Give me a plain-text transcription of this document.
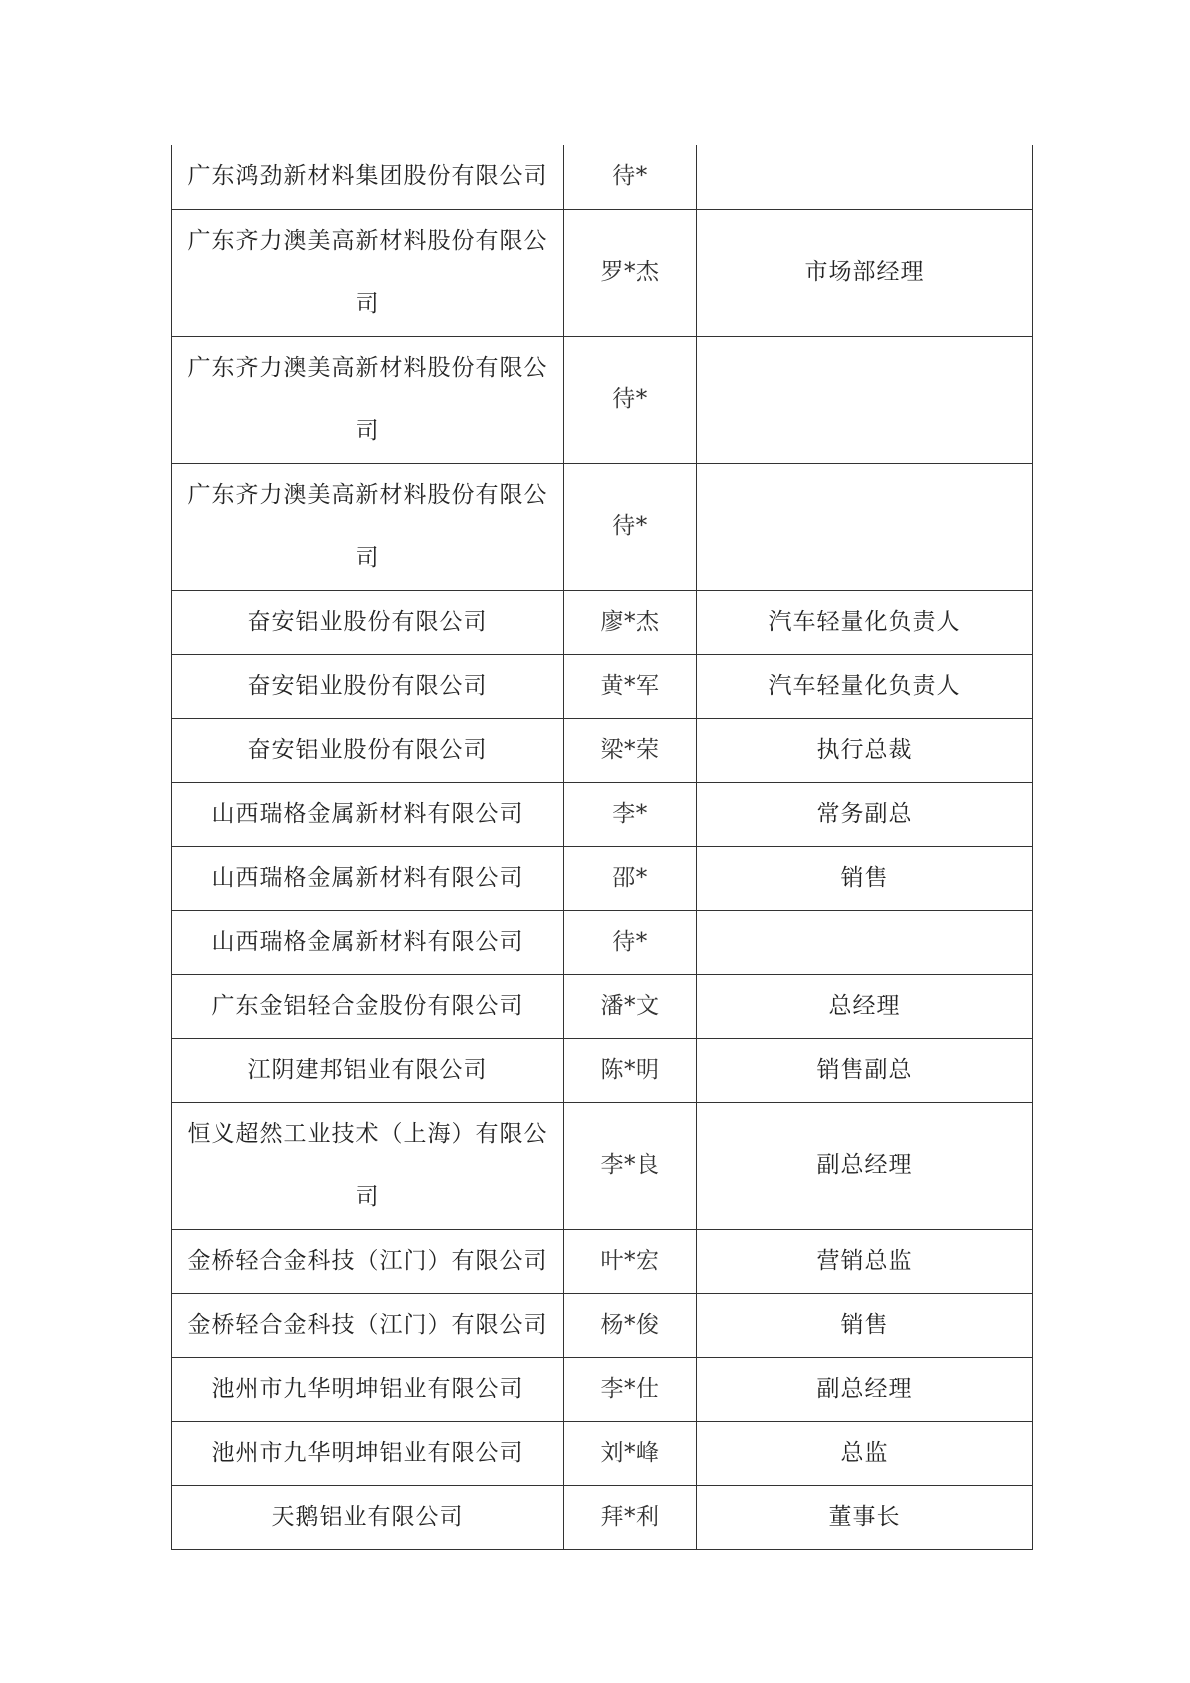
广东鸿劲新材料集团股份有限公司	待*	
广东齐力澳美高新材料股份有限公司	罗*杰	市场部经理
广东齐力澳美高新材料股份有限公司	待*	
广东齐力澳美高新材料股份有限公司	待*	
奋安铝业股份有限公司	廖*杰	汽车轻量化负责人
奋安铝业股份有限公司	黄*军	汽车轻量化负责人
奋安铝业股份有限公司	梁*荣	执行总裁
山西瑞格金属新材料有限公司	李*	常务副总
山西瑞格金属新材料有限公司	邵*	销售
山西瑞格金属新材料有限公司	待*	
广东金铝轻合金股份有限公司	潘*文	总经理
江阴建邦铝业有限公司	陈*明	销售副总
恒义超然工业技术（上海）有限公司	李*良	副总经理
金桥轻合金科技（江门）有限公司	叶*宏	营销总监
金桥轻合金科技（江门）有限公司	杨*俊	销售
池州市九华明坤铝业有限公司	李*仕	副总经理
池州市九华明坤铝业有限公司	刘*峰	总监
天鹅铝业有限公司	拜*利	董事长
